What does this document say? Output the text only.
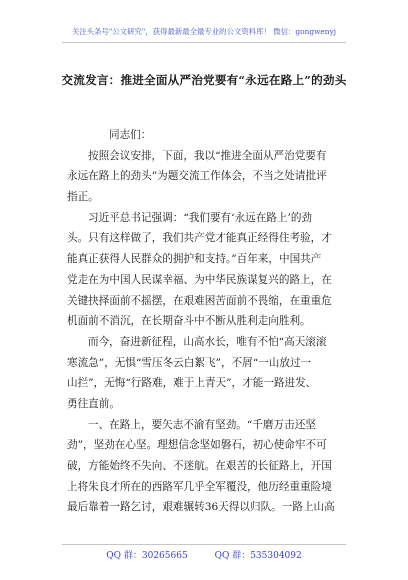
关注头条号"公文研究"，获得最新最全最专业的公文资料库！ 微信：gongwenyj
交流发言：推进全面从严治党要有“永远在路上”的劲头
同志们：
按照会议安排，下面，我以“推进全面从严治党要有
永远在路上的劲头”为题交流工作体会，不当之处请批评
指正。
习近平总书记强调：“我们要有‘永远在路上’的劲
头。只有这样做了，我们共产党才能真正经得住考验，才
能真正获得人民群众的拥护和支持。”百年来，中国共产
党走在为中国人民谋幸福、为中华民族谋复兴的路上，在
关键抉择面前不摇摆，在艰难困苦面前不畏缩，在重重危
机面前不消沉，在长期奋斗中不断从胜利走向胜利。
而今，奋进新征程，山高水长，唯有不怕“高天滚滚
寒流急”，无惧“雪压冬云白絮飞”，不屑“一山放过一
山拦”，无悔“行路难，难于上青天”，才能一路进发、
勇往直前。
一、在路上，要矢志不渝有坚劲。“千磨万击还坚
劲”，坚劲在心坚。理想信念坚如磐石，初心使命牢不可
破，方能始终不失向、不迷航。在艰苦的长征路上，开国
上将朱良才所在的西路军几乎全军覆没，他历经重重险境
最后靠着一路乞讨，艰难辗转36天得以归队。一路上山高
QQ 群：30265665	QQ 群：535304092
